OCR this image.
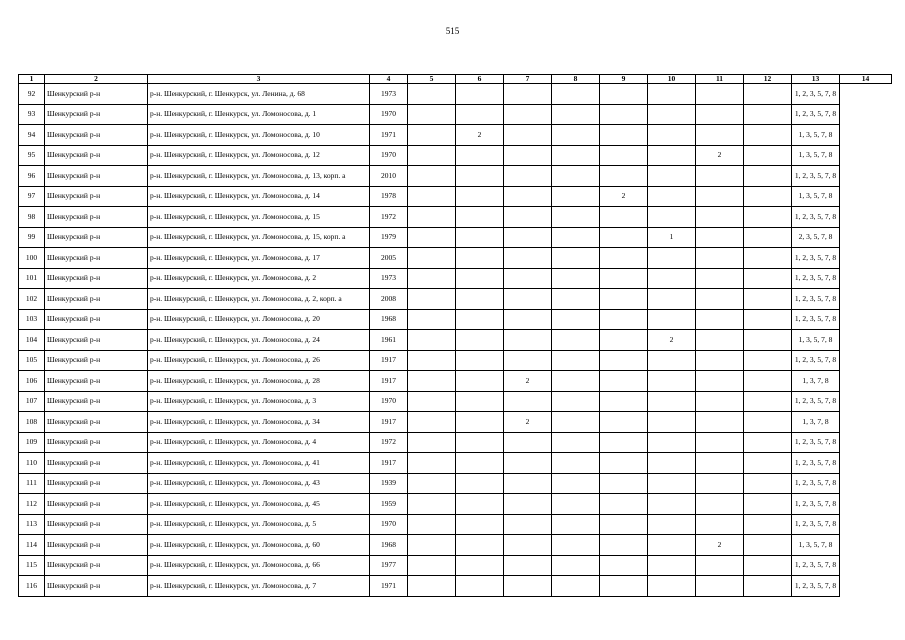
515
1	2	3	4	5	6	7	8	9	10	11	12	13	14
92	Шенкурский р-н	р-н. Шенкурский, г. Шенкурск, ул. Ленина, д. 68	1973									1, 2, 3, 5, 7, 8	
93	Шенкурский р-н	р-н. Шенкурский, г. Шенкурск, ул. Ломоносова, д. 1	1970									1, 2, 3, 5, 7, 8	
94	Шенкурский р-н	р-н. Шенкурский, г. Шенкурск, ул. Ломоносова, д. 10	1971		2							1, 3, 5, 7, 8	
95	Шенкурский р-н	р-н. Шенкурский, г. Шенкурск, ул. Ломоносова, д. 12	1970							2		1, 3, 5, 7, 8	
96	Шенкурский р-н	р-н. Шенкурский, г. Шенкурск, ул. Ломоносова, д. 13, корп. а	2010									1, 2, 3, 5, 7, 8	
97	Шенкурский р-н	р-н. Шенкурский, г. Шенкурск, ул. Ломоносова, д. 14	1978					2				1, 3, 5, 7, 8	
98	Шенкурский р-н	р-н. Шенкурский, г. Шенкурск, ул. Ломоносова, д. 15	1972									1, 2, 3, 5, 7, 8	
99	Шенкурский р-н	р-н. Шенкурский, г. Шенкурск, ул. Ломоносова, д. 15, корп. а	1979						1			2, 3, 5, 7, 8	
100	Шенкурский р-н	р-н. Шенкурский, г. Шенкурск, ул. Ломоносова, д. 17	2005									1, 2, 3, 5, 7, 8	
101	Шенкурский р-н	р-н. Шенкурский, г. Шенкурск, ул. Ломоносова, д. 2	1973									1, 2, 3, 5, 7, 8	
102	Шенкурский р-н	р-н. Шенкурский, г. Шенкурск, ул. Ломоносова, д. 2, корп. а	2008									1, 2, 3, 5, 7, 8	
103	Шенкурский р-н	р-н. Шенкурский, г. Шенкурск, ул. Ломоносова, д. 20	1968									1, 2, 3, 5, 7, 8	
104	Шенкурский р-н	р-н. Шенкурский, г. Шенкурск, ул. Ломоносова, д. 24	1961						2			1, 3, 5, 7, 8	
105	Шенкурский р-н	р-н. Шенкурский, г. Шенкурск, ул. Ломоносова, д. 26	1917									1, 2, 3, 5, 7, 8	
106	Шенкурский р-н	р-н. Шенкурский, г. Шенкурск, ул. Ломоносова, д. 28	1917			2						1, 3, 7, 8	
107	Шенкурский р-н	р-н. Шенкурский, г. Шенкурск, ул. Ломоносова, д. 3	1970									1, 2, 3, 5, 7, 8	
108	Шенкурский р-н	р-н. Шенкурский, г. Шенкурск, ул. Ломоносова, д. 34	1917			2						1, 3, 7, 8	
109	Шенкурский р-н	р-н. Шенкурский, г. Шенкурск, ул. Ломоносова, д. 4	1972									1, 2, 3, 5, 7, 8	
110	Шенкурский р-н	р-н. Шенкурский, г. Шенкурск, ул. Ломоносова, д. 41	1917									1, 2, 3, 5, 7, 8	
111	Шенкурский р-н	р-н. Шенкурский, г. Шенкурск, ул. Ломоносова, д. 43	1939									1, 2, 3, 5, 7, 8	
112	Шенкурский р-н	р-н. Шенкурский, г. Шенкурск, ул. Ломоносова, д. 45	1959									1, 2, 3, 5, 7, 8	
113	Шенкурский р-н	р-н. Шенкурский, г. Шенкурск, ул. Ломоносова, д. 5	1970									1, 2, 3, 5, 7, 8	
114	Шенкурский р-н	р-н. Шенкурский, г. Шенкурск, ул. Ломоносова, д. 60	1968							2		1, 3, 5, 7, 8	
115	Шенкурский р-н	р-н. Шенкурский, г. Шенкурск, ул. Ломоносова, д. 66	1977									1, 2, 3, 5, 7, 8	
116	Шенкурский р-н	р-н. Шенкурский, г. Шенкурск, ул. Ломоносова, д. 7	1971									1, 2, 3, 5, 7, 8	
